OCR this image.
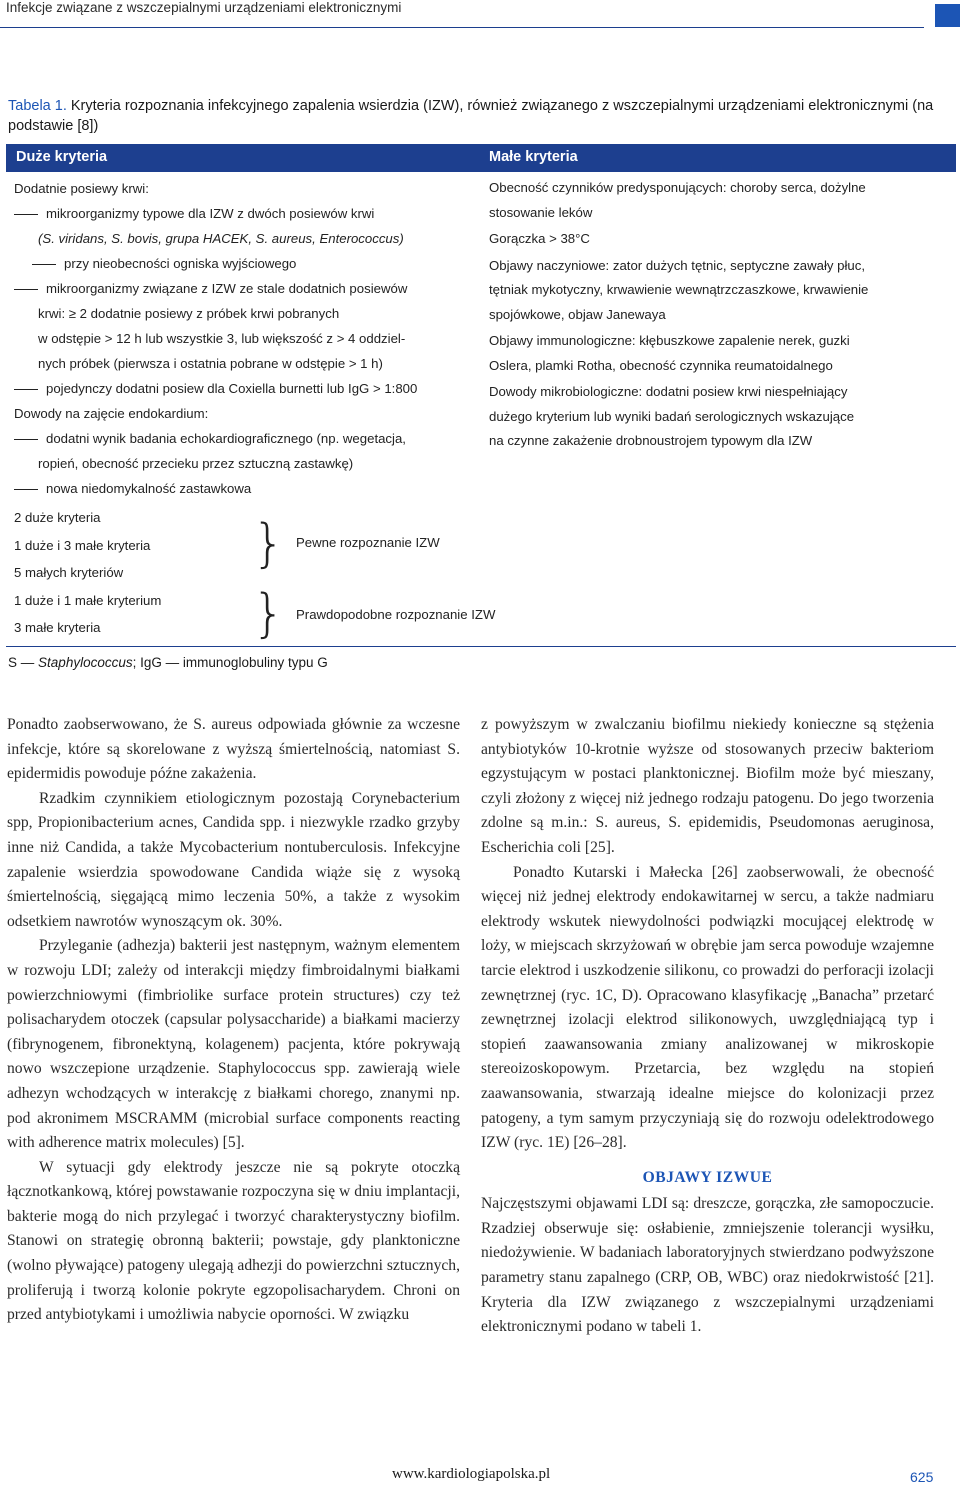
Infekcje związane z wszczepialnymi urządzeniami elektronicznymi
Tabela 1. Kryteria rozpoznania infekcyjnego zapalenia wsierdzia (IZW), również związanego z wszczepialnymi urządzeniami elektronicznymi (na podstawie [8])
Duże kryteria	Małe kryteria
Dodatnie posiewy krwi:
mikroorganizmy typowe dla IZW z dwóch posiewów krwi
(S. viridans, S. bovis, grupa HACEK, S. aureus, Enterococcus)
przy nieobecności ogniska wyjściowego
mikroorganizmy związane z IZW ze stale dodatnich posiewów
krwi: ≥ 2 dodatnie posiewy z próbek krwi pobranych
w odstępie > 12 h lub wszystkie 3, lub większość z > 4 oddziel-
nych próbek (pierwsza i ostatnia pobrane w odstępie > 1 h)
pojedynczy dodatni posiew dla Coxiella burnetti lub IgG > 1:800
Dowody na zajęcie endokardium:
dodatni wynik badania echokardiograficznego (np. wegetacja,
ropień, obecność przecieku przez sztuczną zastawkę)
nowa niedomykalność zastawkowa
Obecność czynników predysponujących: choroby serca, dożylne
stosowanie leków
Gorączka > 38°C
Objawy naczyniowe: zator dużych tętnic, septyczne zawały płuc,
tętniak mykotyczny, krwawienie wewnątrzczaszkowe, krwawienie
spojówkowe, objaw Janewaya
Objawy immunologiczne: kłębuszkowe zapalenie nerek, guzki
Oslera, plamki Rotha, obecność czynnika reumatoidalnego
Dowody mikrobiologiczne: dodatni posiew krwi niespełniający
dużego kryterium lub wyniki badań serologicznych wskazujące
na czynne zakażenie drobnoustrojem typowym dla IZW
2 duże kryteria
1 duże i 3 małe kryteria
5 małych kryteriów
1 duże i 1 małe kryterium
3 małe kryteria
} Pewne rozpoznanie IZW
} Prawdopodobne rozpoznanie IZW
S — Staphylococcus; IgG — immunoglobuliny typu G

Ponadto zaobserwowano, że S. aureus odpowiada głównie za wczesne infekcje, które są skorelowane z wyższą śmiertelnością, natomiast S. epidermidis powoduje późne zakażenia.

Rzadkim czynnikiem etiologicznym pozostają Corynebacterium spp, Propionibacterium acnes, Candida spp. i niezwykle rzadko grzyby inne niż Candida, a także Mycobacterium nontuberculosis. Infekcyjne zapalenie wsierdzia spowodowane Candida wiąże się z wysoką śmiertelnością, sięgającą mimo leczenia 50%, a także z wysokim odsetkiem nawrotów wynoszącym ok. 30%.

Przyleganie (adhezja) bakterii jest następnym, ważnym elementem w rozwoju LDI; zależy od interakcji między fimbroidalnymi białkami powierzchniowymi (fimbriolike surface protein structures) czy też polisacharydem otoczek (capsular polysaccharide) a białkami macierzy (fibrynogenem, fibronektyną, kolagenem) pacjenta, które pokrywają nowo wszczepione urządzenie. Staphylococcus spp. zawierają wiele adhezyn wchodzących w interakcję z białkami chorego, znanymi np. pod akronimem MSCRAMM (microbial surface components reacting with adherence matrix molecules) [5].

W sytuacji gdy elektrody jeszcze nie są pokryte otoczką łącznotkankową, której powstawanie rozpoczyna się w dniu implantacji, bakterie mogą do nich przylegać i tworzyć charakterystyczny biofilm. Stanowi on strategię obronną bakterii; powstaje, gdy planktoniczne (wolno pływające) patogeny ulegają adhezji do powierzchni sztucznych, proliferują i tworzą kolonie pokryte egzopolisacharydem. Chroni on przed antybiotykami i umożliwia nabycie oporności. W związku

z powyższym w zwalczaniu biofilmu niekiedy konieczne są stężenia antybiotyków 10-krotnie wyższe od stosowanych przeciw bakteriom egzystującym w postaci planktonicznej. Biofilm może być mieszany, czyli złożony z więcej niż jednego rodzaju patogenu. Do jego tworzenia zdolne są m.in.: S. aureus, S. epidemidis, Pseudomonas aeruginosa, Escherichia coli [25].

Ponadto Kutarski i Małecka [26] zaobserwowali, że obecność więcej niż jednej elektrody endokawitarnej w sercu, a także nadmiaru elektrody wskutek niewydolności podwiązki mocującej elektrodę w loży, w miejscach skrzyżowań w obrębie jam serca powoduje wzajemne tarcie elektrod i uszkodzenie silikonu, co prowadzi do perforacji izolacji zewnętrznej (ryc. 1C, D). Opracowano klasyfikację „Banacha” przetarć zewnętrznej izolacji elektrod silikonowych, uwzględniającą typ i stopień zaawansowania zmiany analizowanej w mikroskopie stereoizoskopowym. Przetarcia, bez względu na stopień zaawansowania, stwarzają idealne miejsce do kolonizacji przez patogeny, a tym samym przyczyniają się do rozwoju odelektrodowego IZW (ryc. 1E) [26–28].

OBJAWY IZWUE

Najczęstszymi objawami LDI są: dreszcze, gorączka, złe samopoczucie. Rzadziej obserwuje się: osłabienie, zmniejszenie tolerancji wysiłku, niedożywienie. W badaniach laboratoryjnych stwierdzano podwyższone parametry stanu zapalnego (CRP, OB, WBC) oraz niedokrwistość [21]. Kryteria dla IZW związanego z wszczepialnymi urządzeniami elektronicznymi podano w tabeli 1.

www.kardiologiapolska.pl	625
